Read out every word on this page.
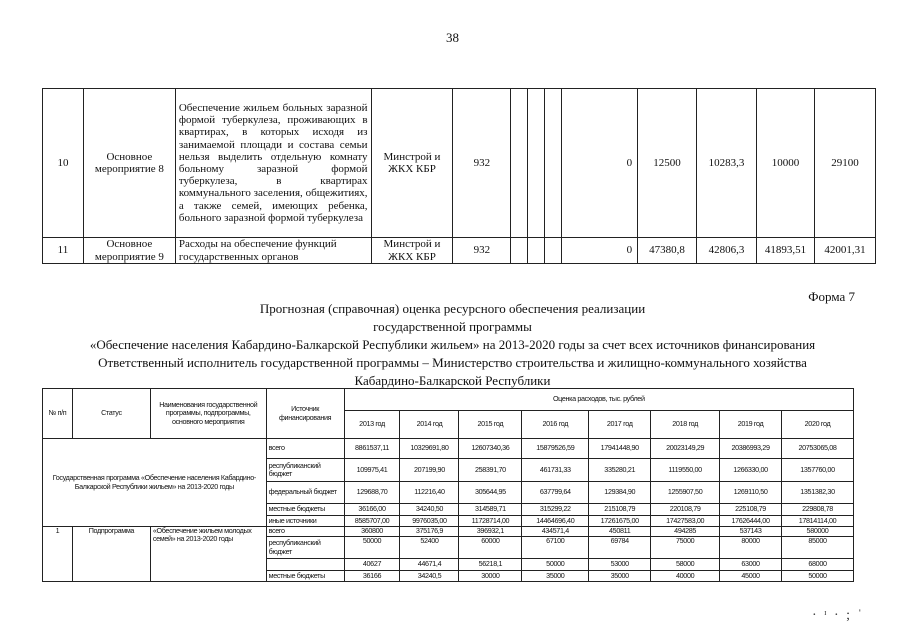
38
10	Основное мероприятие 8	Обеспечение жильем больных заразной формой туберкулеза, проживающих в квартирах, в которых исходя из занимаемой площади и состава семьи нельзя выделить отдельную комнату больному заразной формой туберкулеза, в квартирах коммунального заселения, общежитиях, а также семей, имеющих ребенка, больного заразной формой туберкулеза	Минстрой и ЖКХ КБР	932				0	12500	10283,3	10000	29100
11	Основное мероприятие 9	Расходы на обеспечение функций государственных органов	Минстрой и ЖКХ КБР	932				0	47380,8	42806,3	41893,51	42001,31
Форма 7
Прогнозная (справочная) оценка ресурсного обеспечения реализации
государственной программы
«Обеспечение населения Кабардино-Балкарской Республики жильем» на 2013-2020 годы за счет всех источников финансирования
Ответственный исполнитель государственной программы – Министерство строительства и жилищно-коммунального хозяйства
Кабардино-Балкарской Республики
№ п/п	Статус	Наименования государственной программы, подпрограммы, основного мероприятия	Источник финансирования	Оценка расходов, тыс. рублей							
				2013 год	2014 год	2015 год	2016 год	2017 год	2018 год	2019 год	2020 год
Государственная программа «Обеспечение населения Кабардино-Балкарской Республики жильем» на 2013-2020 годы			всего	8861537,11	10329691,80	12607340,36	15879526,59	17941448,90	20023149,29	20386993,29	20753065,08
			республиканский бюджет	109975,41	207199,90	258391,70	461731,33	335280,21	1119550,00	1266330,00	1357760,00
			федеральный бюджет	129688,70	112216,40	305644,95	637799,64	129384,90	1255907,50	1269110,50	1351382,30
			местные бюджеты	36166,00	34240,50	314589,71	315299,22	215108,79	220108,79	225108,79	229808,78
			иные источники	8585707,00	9976035,00	11728714,00	14464696,40	17261675,00	17427583,00	17626444,00	17814114,00
1	Подпрограмма	«Обеспечение жильем молодых семей» на 2013-2020 годы	всего	360800	375176,9	396932,1	434571,4	450811	494285	537143	580000
			республиканский бюджет	50000	52400	60000	67100	69784	75000	80000	85000
				40627	44671,4	56218,1	50000	53000	58000	63000	68000
			местные бюджеты	36166	34240,5	30000	35000	35000	40000	45000	50000
· ᶦ · ; ˈ
